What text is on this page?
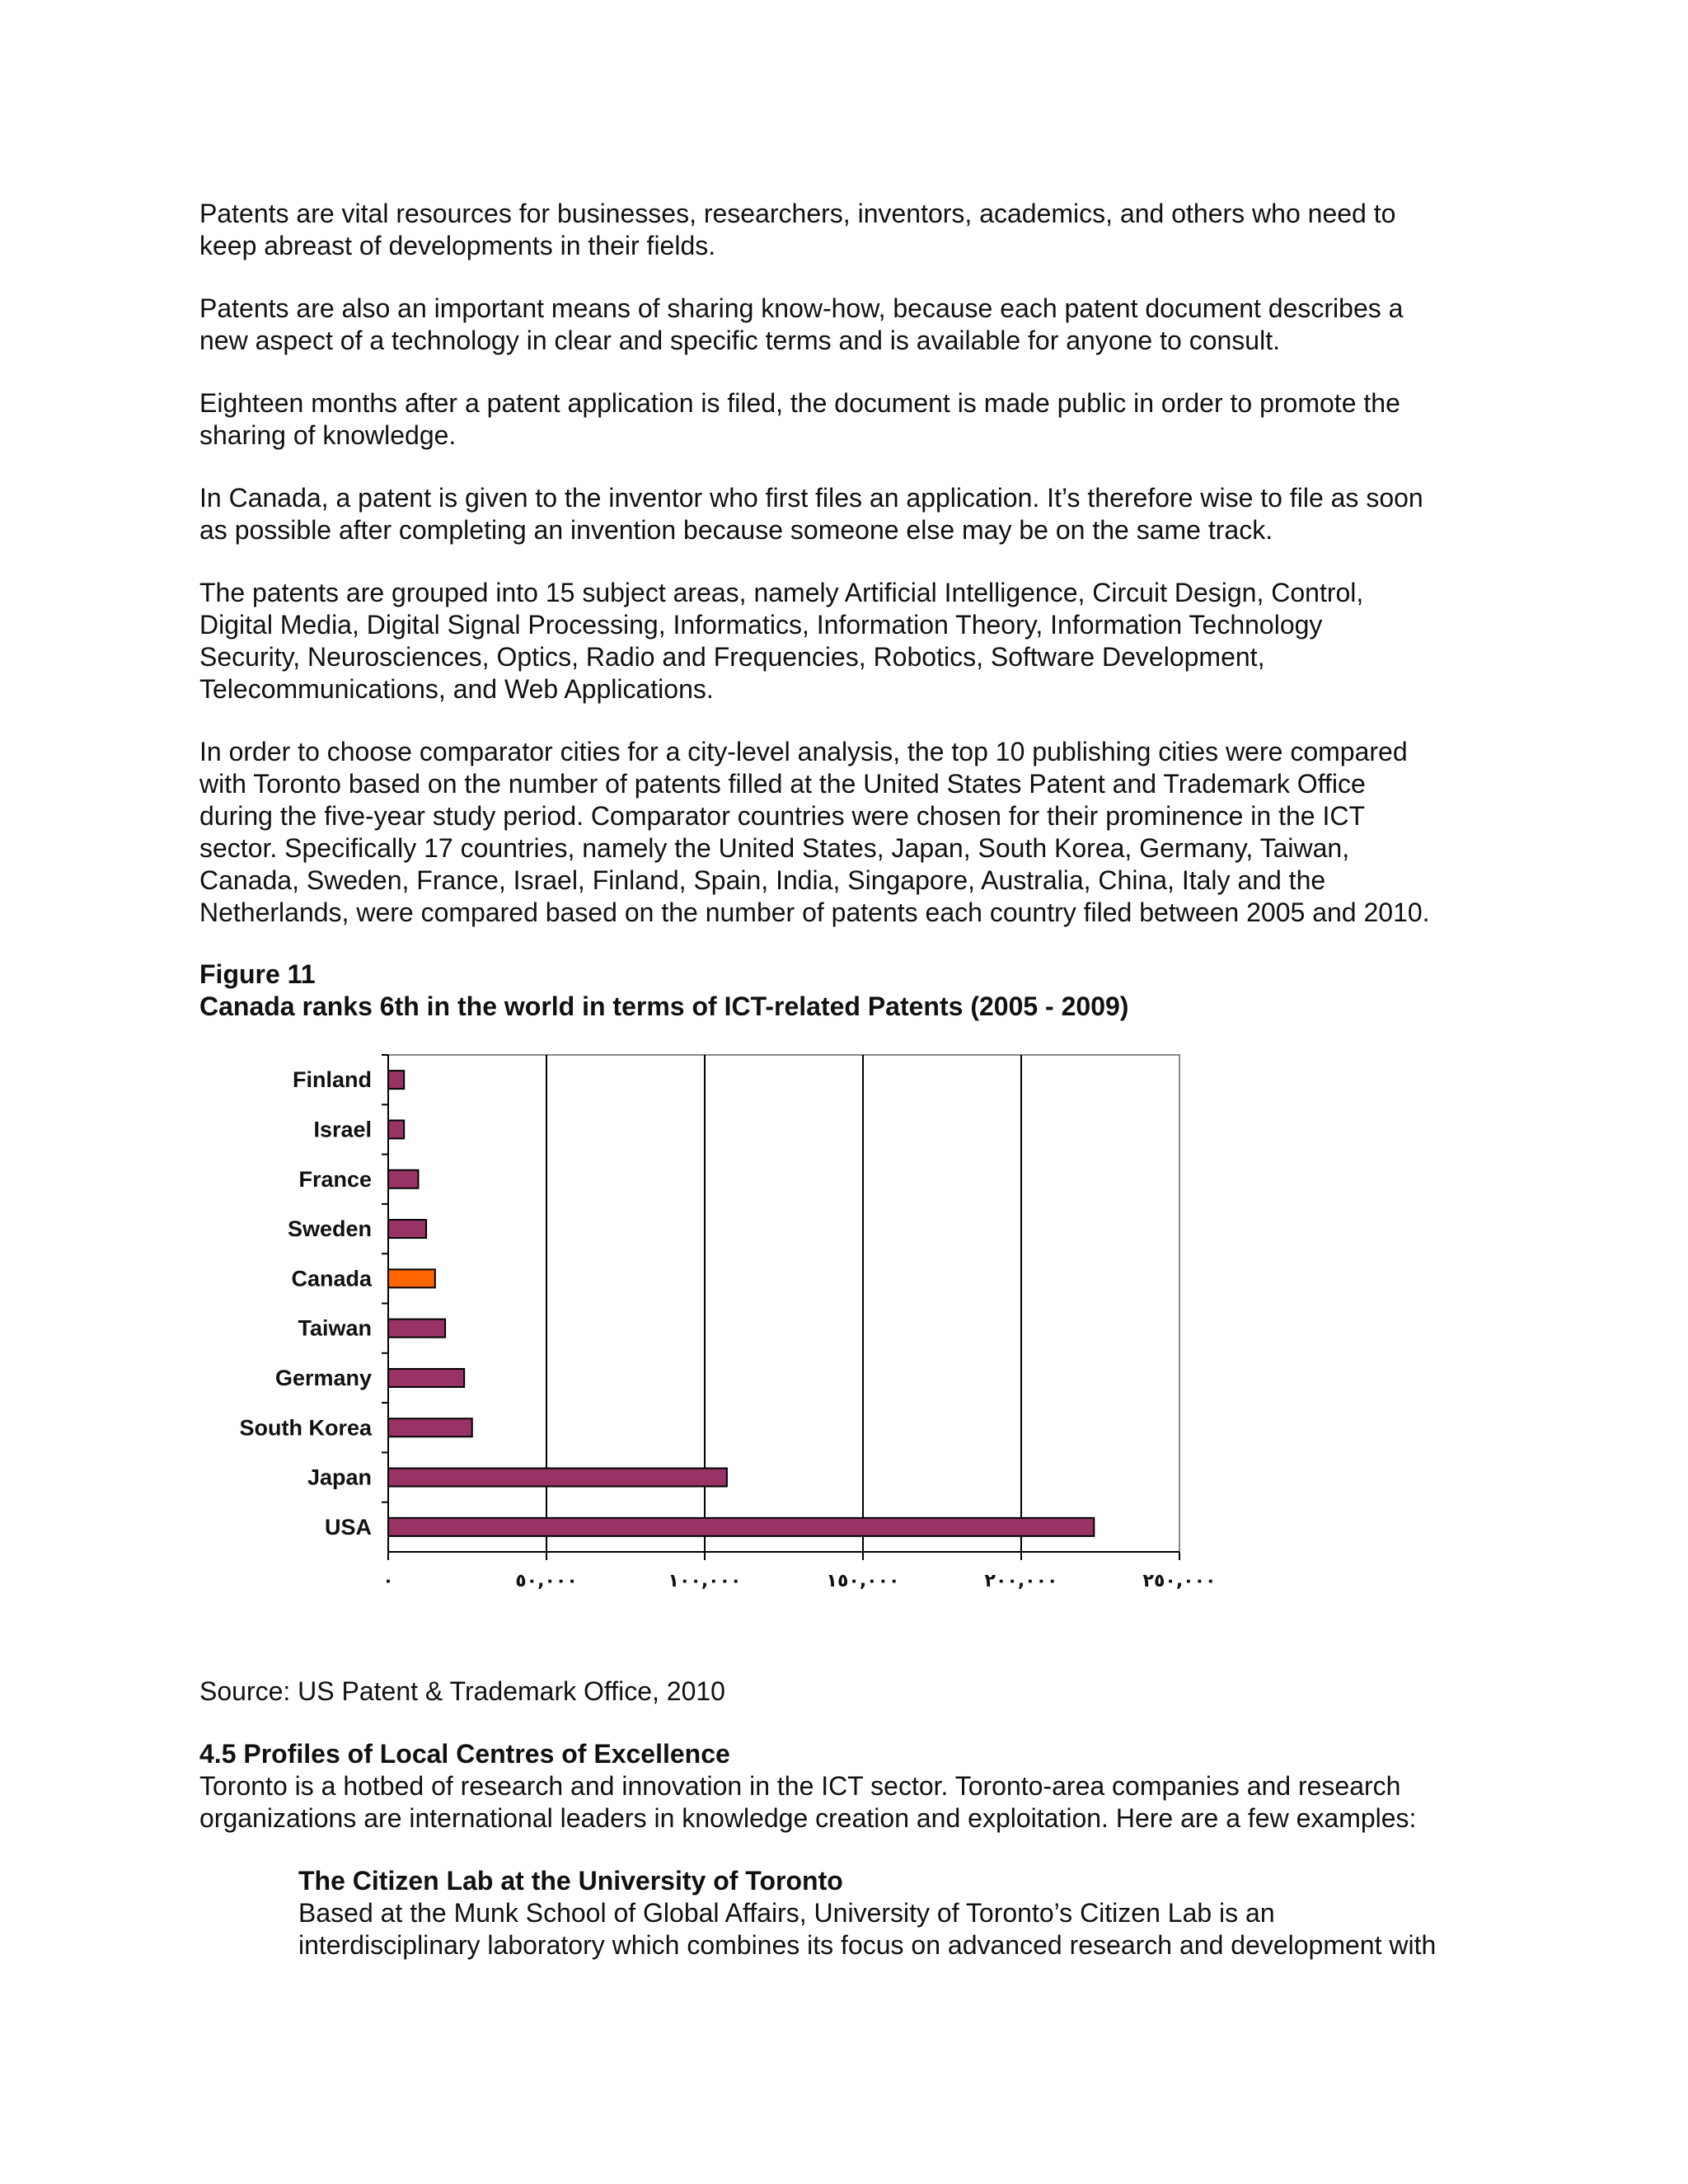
Patents are vital resources for businesses, researchers, inventors, academics, and others who need to
keep abreast of developments in their fields.

Patents are also an important means of sharing know-how, because each patent document describes a
new aspect of a technology in clear and specific terms and is available for anyone to consult.

Eighteen months after a patent application is filed, the document is made public in order to promote the
sharing of knowledge.

In Canada, a patent is given to the inventor who first files an application. It’s therefore wise to file as soon
as possible after completing an invention because someone else may be on the same track.

The patents are grouped into 15 subject areas, namely Artificial Intelligence, Circuit Design, Control,
Digital Media, Digital Signal Processing, Informatics, Information Theory, Information Technology
Security, Neurosciences, Optics, Radio and Frequencies, Robotics, Software Development,
Telecommunications, and Web Applications.

In order to choose comparator cities for a city-level analysis, the top 10 publishing cities were compared
with Toronto based on the number of patents filled at the United States Patent and Trademark Office
during the five-year study period. Comparator countries were chosen for their prominence in the ICT
sector. Specifically 17 countries, namely the United States, Japan, South Korea, Germany, Taiwan,
Canada, Sweden, France, Israel, Finland, Spain, India, Singapore, Australia, China, Italy and the
Netherlands, were compared based on the number of patents each country filed between 2005 and 2010.

Figure 11

Canada ranks 6th in the world in terms of ICT-related Patents (2005 - 2009)

٠	٥٠,٠٠٠	١٠٠,٠٠٠	١٥٠,٠٠٠	٢٠٠,٠٠٠	٢٥٠,٠٠٠
Finland
Israel
France
Sweden
Canada
Taiwan
Germany
South Korea
Japan
USA

Source: US Patent & Trademark Office, 2010

4.5 Profiles of Local Centres of Excellence

Toronto is a hotbed of research and innovation in the ICT sector. Toronto-area companies and research
organizations are international leaders in knowledge creation and exploitation. Here are a few examples:

The Citizen Lab at the University of Toronto

Based at the Munk School of Global Affairs, University of Toronto’s Citizen Lab is an
interdisciplinary laboratory which combines its focus on advanced research and development with
